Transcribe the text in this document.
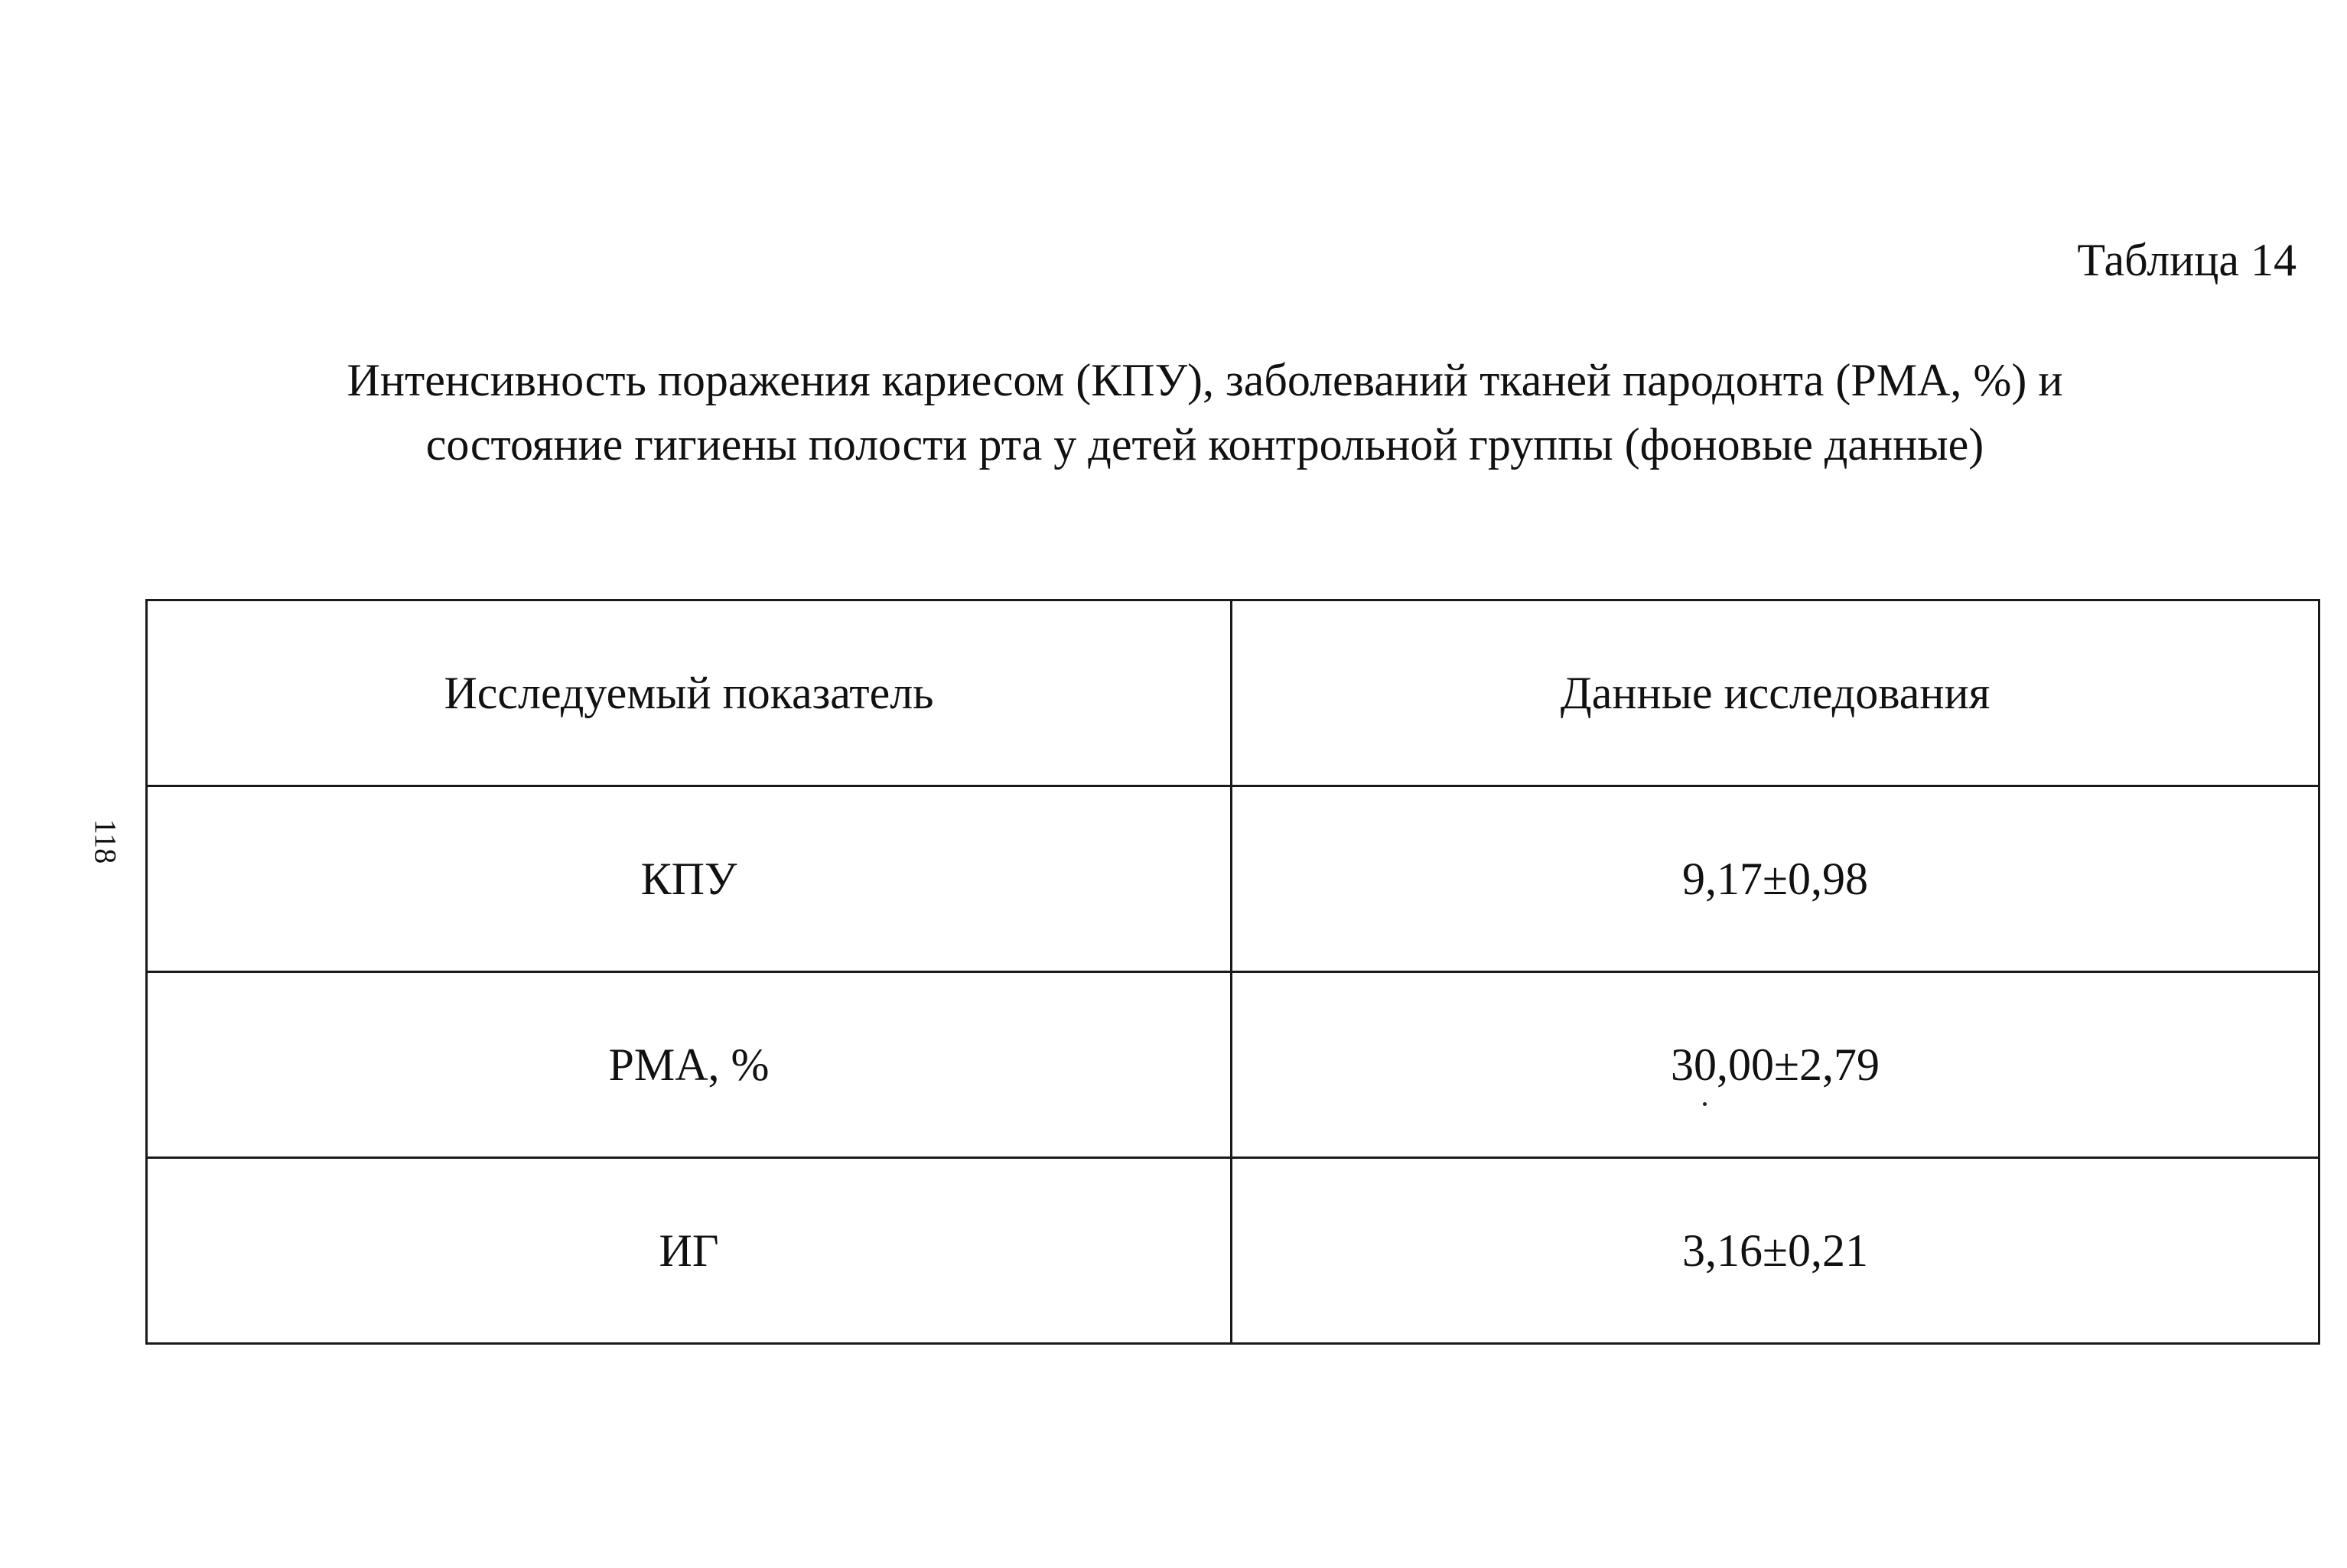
118
Таблица 14
Интенсивность поражения кариесом (КПУ), заболеваний тканей пародонта (РМА, %) и
состояние гигиены полости рта у детей контрольной группы (фоновые данные)
Исследуемый показатель	Данные исследования
КПУ	9,17±0,98
РМА, %	30,00±2,79
ИГ	3,16±0,21
